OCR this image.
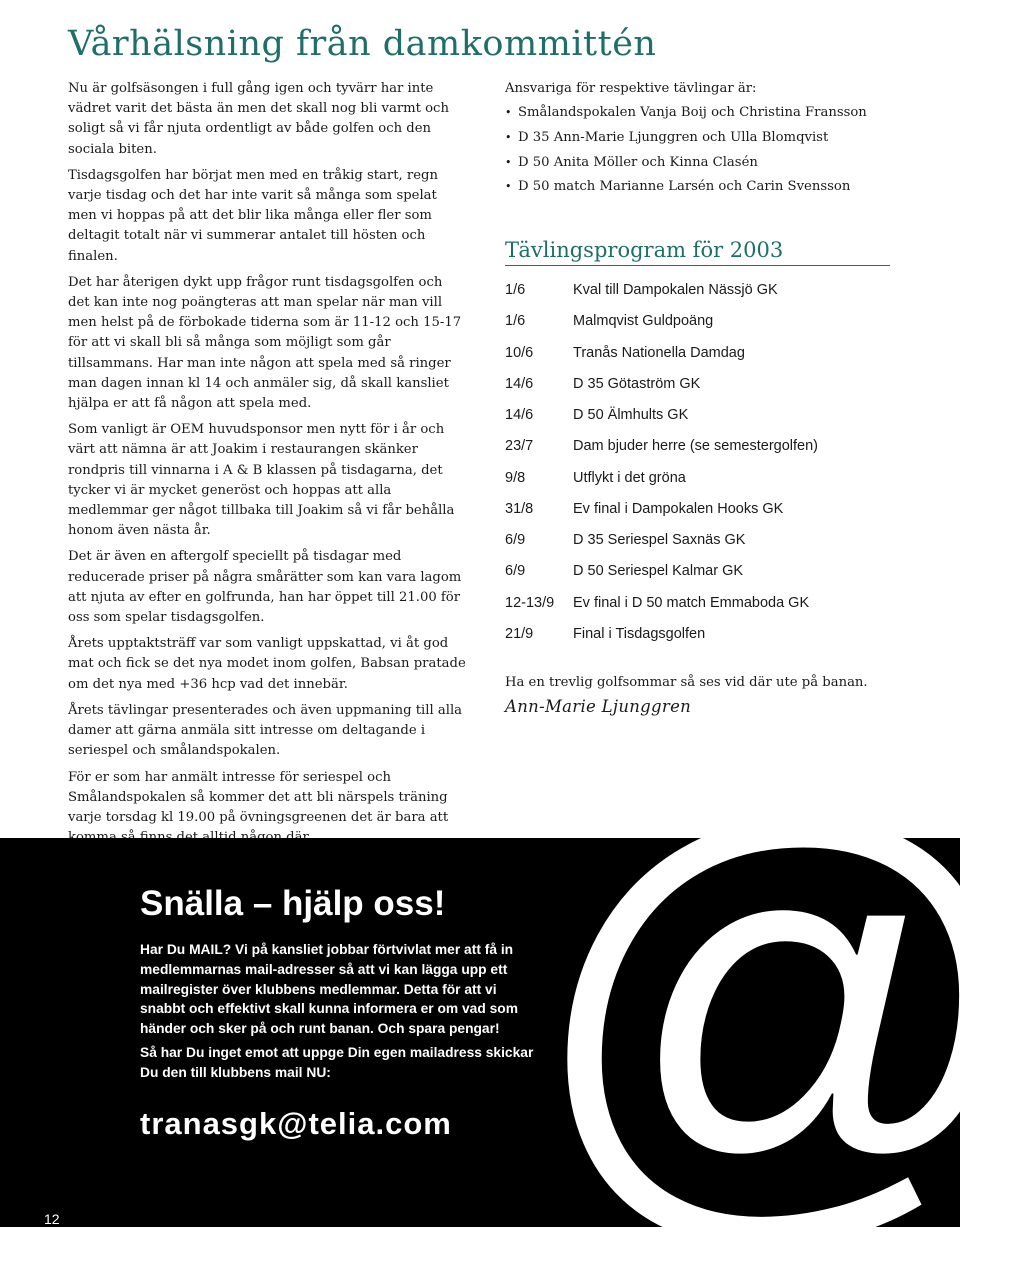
Vårhälsning från damkommittén

Nu är golfsäsongen i full gång igen och tyvärr har inte vädret varit det bästa än men det skall nog bli varmt och soligt så vi får njuta ordentligt av både golfen och den sociala biten.

Tisdagsgolfen har börjat men med en tråkig start, regn varje tisdag och det har inte varit så många som spelat men vi hoppas på att det blir lika många eller fler som deltagit totalt när vi summerar antalet till hösten och finalen.

Det har återigen dykt upp frågor runt tisdagsgolfen och det kan inte nog poängteras att man spelar när man vill men helst på de förbokade tiderna som är 11-12 och 15-17 för att vi skall bli så många som möjligt som går tillsammans. Har man inte någon att spela med så ringer man dagen innan kl 14 och anmäler sig, då skall kansliet hjälpa er att få någon att spela med.

Som vanligt är OEM huvudsponsor men nytt för i år och värt att nämna är att Joakim i restaurangen skänker rondpris till vinnarna i A & B klassen på tisdagarna, det tycker vi är mycket generöst och hoppas att alla medlemmar ger något tillbaka till Joakim så vi får behålla honom även nästa år.

Det är även en aftergolf speciellt på tisdagar med reducerade priser på några smårätter som kan vara lagom att njuta av efter en golfrunda, han har öppet till 21.00 för oss som spelar tisdagsgolfen.

Årets upptaktsträff var som vanligt uppskattad, vi åt god mat och fick se det nya modet inom golfen, Babsan pratade om det nya med +36 hcp vad det innebär.

Årets tävlingar presenterades och även uppmaning till alla damer att gärna anmäla sitt intresse om deltagande i seriespel och smålandspokalen.

För er som har anmält intresse för seriespel och Smålandspokalen så kommer det att bli närspels träning varje torsdag kl 19.00 på övningsgreenen det är bara att

Ansvariga för respektive tävlingar är:

• Smålandspokalen Vanja Boij och Christina Fransson
• D 35 Ann-Marie Ljunggren och Ulla Blomqvist
• D 50 Anita Möller och Kinna Clasén
• D 50 match Marianne Larsén och Carin Svensson
Tävlingsprogram för 2003
1/6	Kval till Dampokalen Nässjö GK
1/6	Malmqvist Guldpoäng
10/6	Tranås Nationella Damdag
14/6	D 35 Götaström GK
14/6	D 50 Älmhults GK
23/7	Dam bjuder herre (se semestergolfen)
9/8	Utflykt i det gröna
31/8	Ev final i Dampokalen Hooks GK
6/9	D 35 Seriespel Saxnäs GK
6/9	D 50 Seriespel Kalmar GK
12-13/9	Ev final i D 50 match Emmaboda GK
21/9	Final i Tisdagsgolfen

Ha en trevlig golfsommar så ses vid där ute på banan.

Ann-Marie Ljunggren

@
Snälla – hjälp oss!

Har Du MAIL? Vi på kansliet jobbar förtvivlat mer att få in medlemmarnas mail-adresser så att vi kan lägga upp ett mailregister över klubbens medlemmar. Detta för att vi snabbt och effektivt skall kunna informera er om vad som händer och sker på och runt banan. Och spara pengar!

Så har Du inget emot att uppge Din egen mailadress skickar Du den till klubbens mail NU:

tranasgk@telia.com

12
